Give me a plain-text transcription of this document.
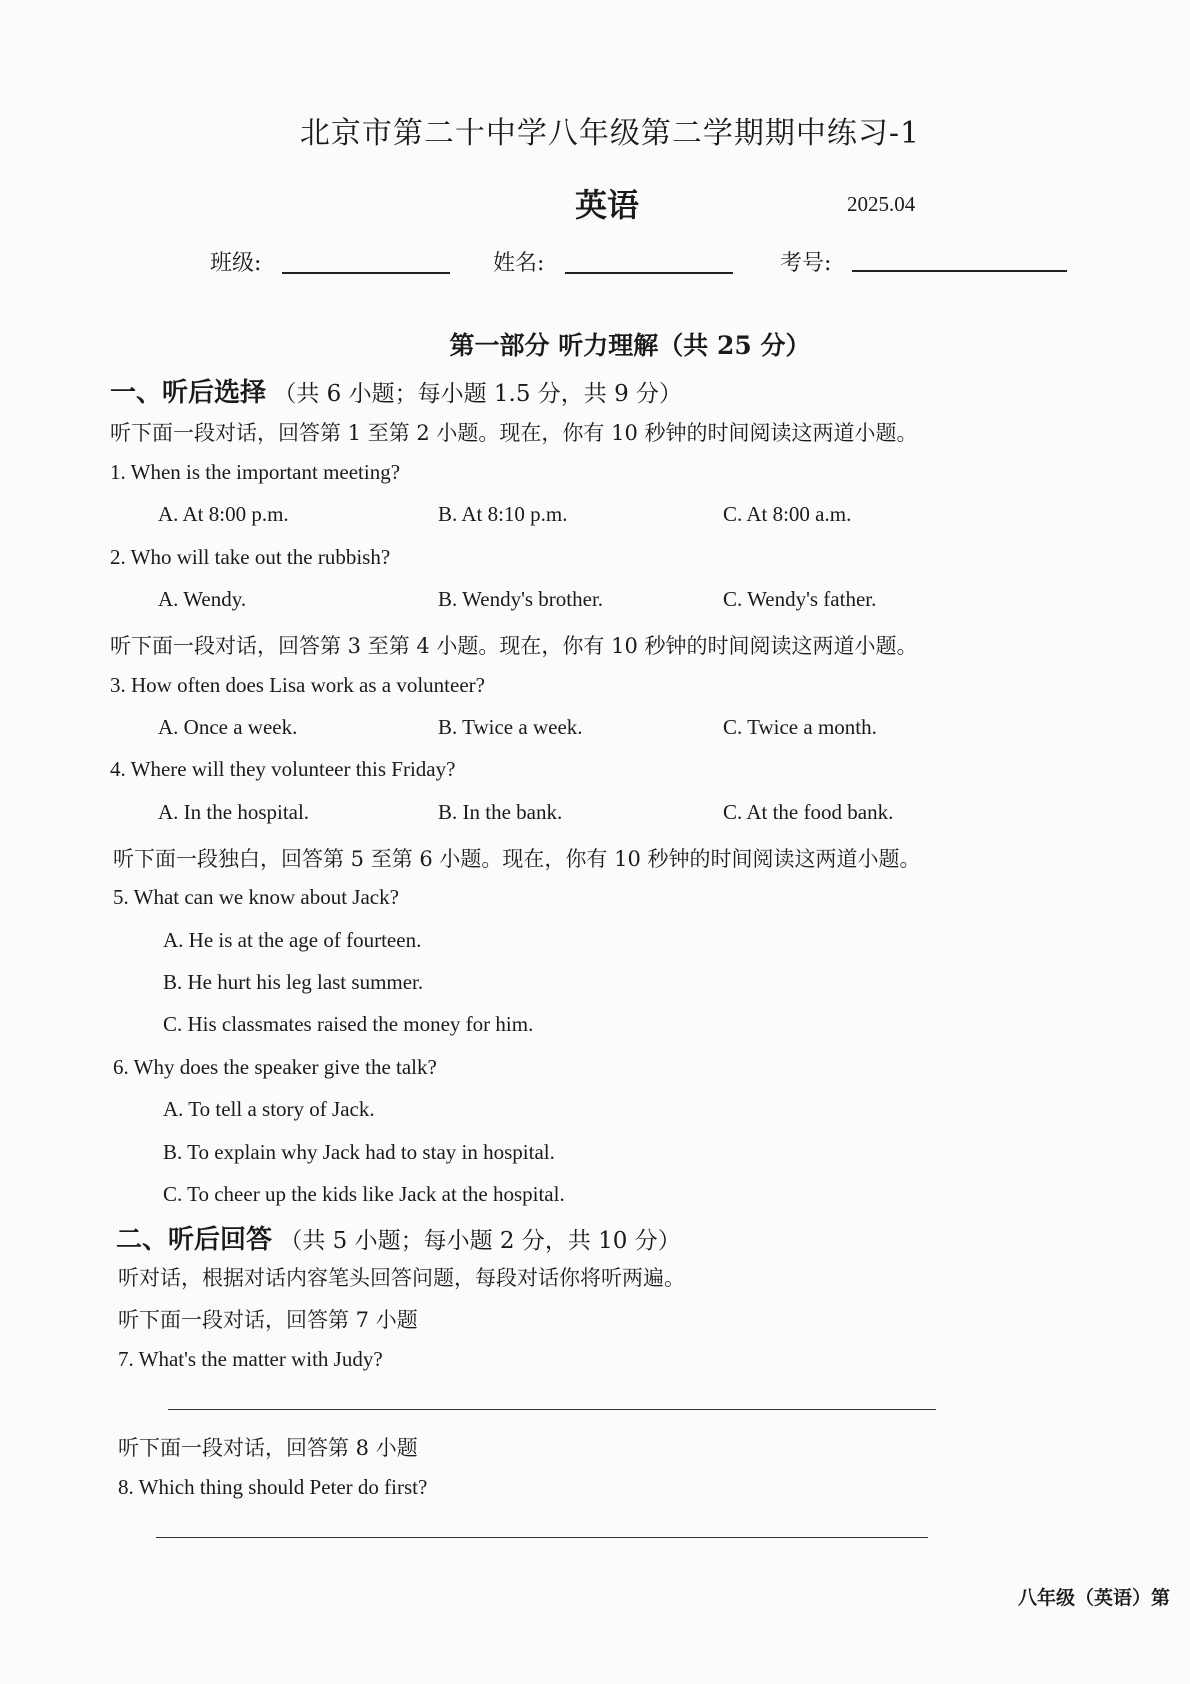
北京市第二十中学八年级第二学期期中练习-1
英语	2025.04
班级:	姓名:	考号:
第一部分 听力理解（共 25 分）
一、听后选择 （共 6 小题；每小题 1.5 分，共 9 分）
听下面一段对话，回答第 1 至第 2 小题。现在，你有 10 秒钟的时间阅读这两道小题。
1. When is the important meeting?
A. At 8:00 p.m.	B. At 8:10 p.m.	C. At 8:00 a.m.
2. Who will take out the rubbish?
A. Wendy.	B. Wendy's brother.	C. Wendy's father.
听下面一段对话，回答第 3 至第 4 小题。现在，你有 10 秒钟的时间阅读这两道小题。
3. How often does Lisa work as a volunteer?
A. Once a week.	B. Twice a week.	C. Twice a month.
4. Where will they volunteer this Friday?
A. In the hospital.	B. In the bank.	C. At the food bank.
听下面一段独白，回答第 5 至第 6 小题。现在，你有 10 秒钟的时间阅读这两道小题。
5. What can we know about Jack?
A. He is at the age of fourteen.
B. He hurt his leg last summer.
C. His classmates raised the money for him.
6. Why does the speaker give the talk?
A. To tell a story of Jack.
B. To explain why Jack had to stay in hospital.
C. To cheer up the kids like Jack at the hospital.
二、听后回答 （共 5 小题；每小题 2 分，共 10 分）
听对话，根据对话内容笔头回答问题，每段对话你将听两遍。
听下面一段对话，回答第 7 小题
7. What's the matter with Judy?
听下面一段对话，回答第 8 小题
8. Which thing should Peter do first?
八年级（英语）第
